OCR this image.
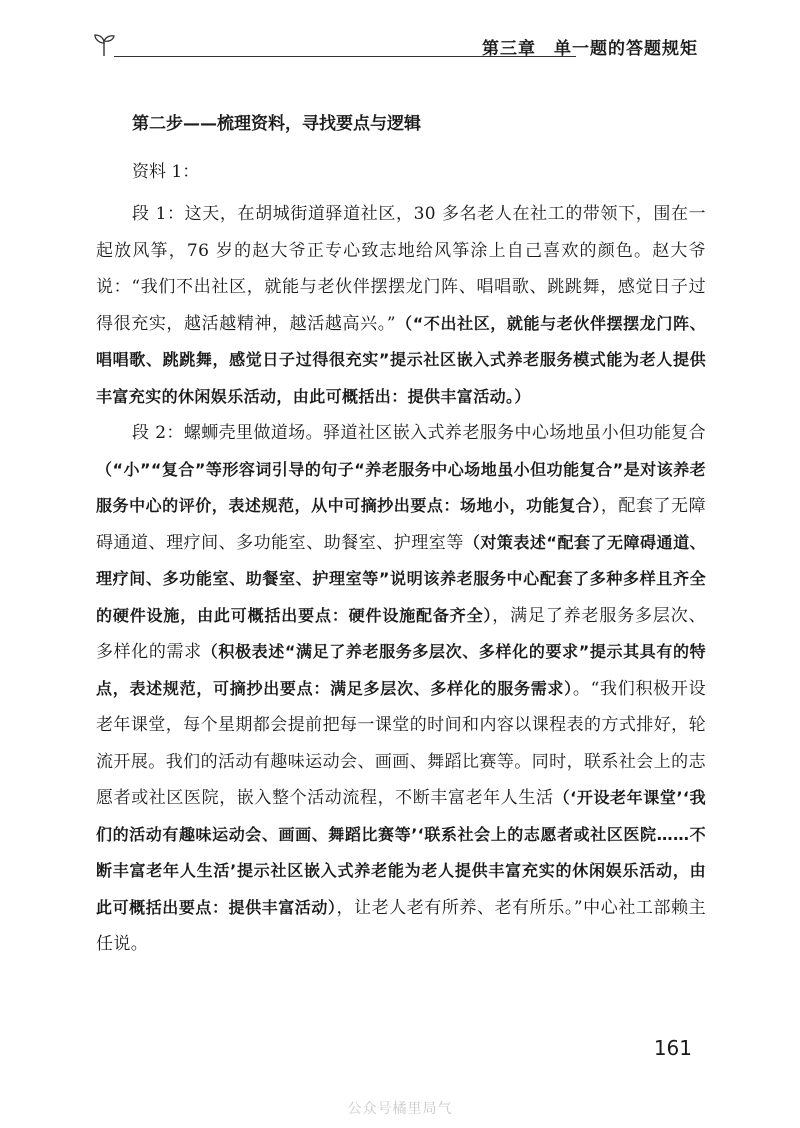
第三章　 单一题的答题规矩

第二步——梳理资料，寻找要点与逻辑

资料 1：

段 1：这天，在胡城街道驿道社区，30 多名老人在社工的带领下，围在一起放风筝，76 岁的赵大爷正专心致志地给风筝涂上自己喜欢的颜色。赵大爷说：“我们不出社区，就能与老伙伴摆摆龙门阵、唱唱歌、跳跳舞，感觉日子过得很充实，越活越精神，越活越高兴。”（“不出社区，就能与老伙伴摆摆龙门阵、唱唱歌、跳跳舞，感觉日子过得很充实”提示社区嵌入式养老服务模式能为老人提供丰富充实的休闲娱乐活动，由此可概括出：提供丰富活动。）

段 2：螺蛳壳里做道场。驿道社区嵌入式养老服务中心场地虽小但功能复合（“小”“复合”等形容词引导的句子“养老服务中心场地虽小但功能复合”是对该养老服务中心的评价，表述规范，从中可摘抄出要点：场地小，功能复合），配套了无障碍通道、理疗间、多功能室、助餐室、护理室等（对策表述“配套了无障碍通道、理疗间、多功能室、助餐室、护理室等”说明该养老服务中心配套了多种多样且齐全的硬件设施，由此可概括出要点：硬件设施配备齐全），满足了养老服务多层次、多样化的需求（积极表述“满足了养老服务多层次、多样化的要求”提示其具有的特点，表述规范，可摘抄出要点：满足多层次、多样化的服务需求）。“我们积极开设老年课堂，每个星期都会提前把每一课堂的时间和内容以课程表的方式排好，轮流开展。我们的活动有趣味运动会、画画、舞蹈比赛等。同时，联系社会上的志愿者或社区医院，嵌入整个活动流程，不断丰富老年人生活（‘开设老年课堂’‘我们的活动有趣味运动会、画画、舞蹈比赛等’‘联系社会上的志愿者或社区医院……不断丰富老年人生活’提示社区嵌入式养老能为老人提供丰富充实的休闲娱乐活动，由此可概括出要点：提供丰富活动），让老人老有所养、老有所乐。”中心社工部赖主任说。

161
公众号橘里局气
